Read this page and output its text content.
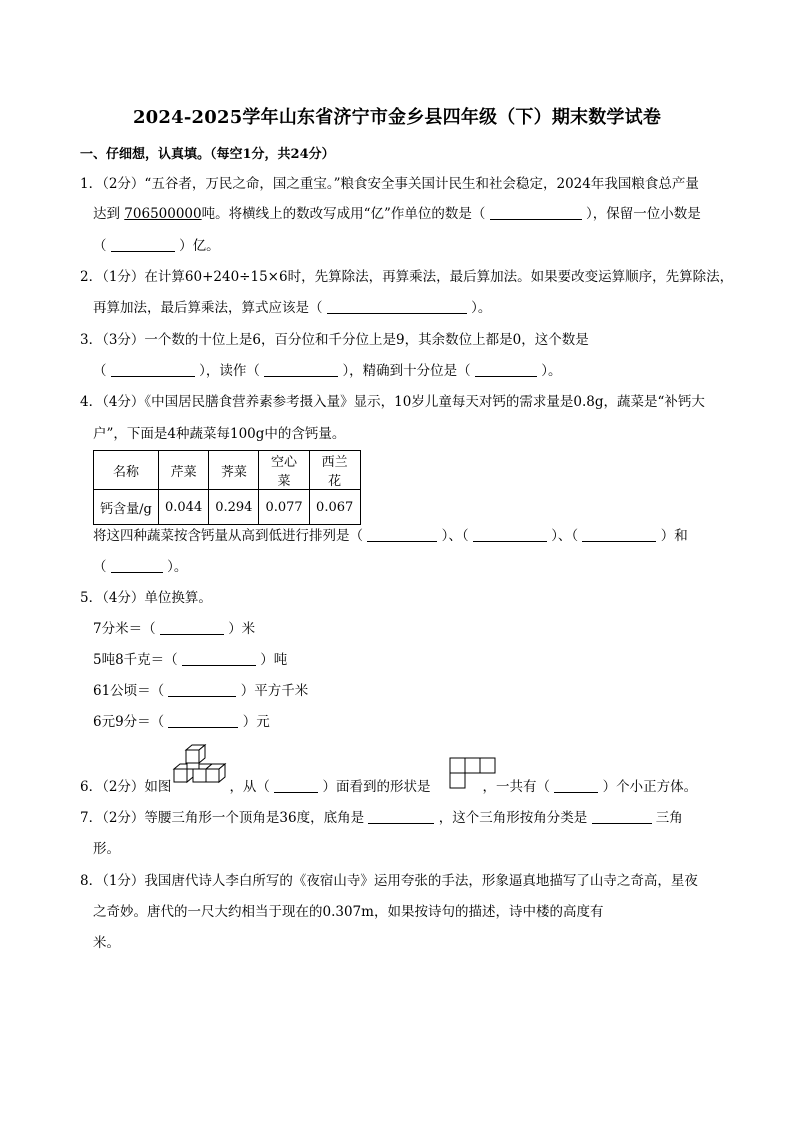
2024-2025学年山东省济宁市金乡县四年级（下）期末数学试卷
一、仔细想，认真填。（每空1分，共24分）
1．（2分）“五谷者，万民之命，国之重宝。”粮食安全事关国计民生和社会稳定，2024年我国粮食总产量
达到 706500000吨。将横线上的数改写成用“亿”作单位的数是（	），保留一位小数是
（	）亿。
2．（1分）在计算60+240÷15×6时，先算除法，再算乘法，最后算加法。如果要改变运算顺序，先算除法，
再算加法，最后算乘法，算式应该是（	）。
3．（3分）一个数的十位上是6，百分位和千分位上是9，其余数位上都是0，这个数是
（	），读作（	），精确到十分位是（	）。
4．（4分）《中国居民膳食营养素参考摄入量》显示，10岁儿童每天对钙的需求量是0.8g，蔬菜是“补钙大
户”，下面是4种蔬菜每100g中的含钙量。
名称	芹菜	荠菜	空心菜	西兰花
钙含量/g	0.044	0.294	0.077	0.067
将这四种蔬菜按含钙量从高到低进行排列是（	）、（	）、（	）和
（	）。
5．（4分）单位换算。
7分米＝（	）米
5吨8千克＝（	）吨
61公顷＝（	）平方千米
6元9分＝（	）元
6．（2分）如图	，从（	）面看到的形状是	，一共有（	）个小正方体。
7．（2分）等腰三角形一个顶角是36度，底角是	，这个三角形按角分类是	三角
形。
8．（1分）我国唐代诗人李白所写的《夜宿山寺》运用夸张的手法，形象逼真地描写了山寺之奇高，星夜
之奇妙。唐代的一尺大约相当于现在的0.307m，如果按诗句的描述，诗中楼的高度有
米。
